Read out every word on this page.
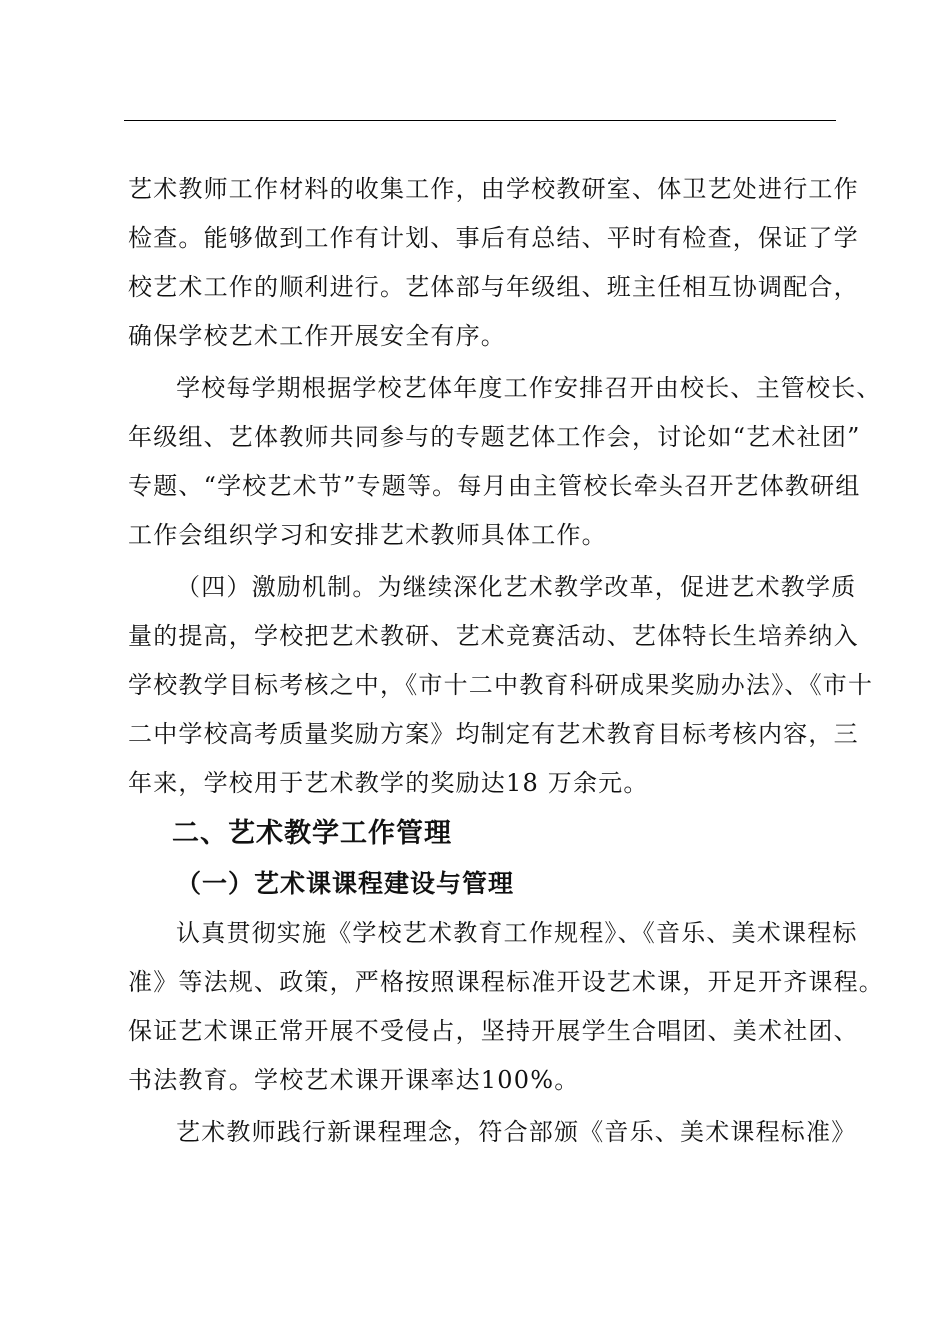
艺术教师工作材料的收集工作，由学校教研室、体卫艺处进行工作
检查。能够做到工作有计划、事后有总结、平时有检查，保证了学
校艺术工作的顺利进行。艺体部与年级组、班主任相互协调配合，
确保学校艺术工作开展安全有序。

学校每学期根据学校艺体年度工作安排召开由校长、主管校长、
年级组、艺体教师共同参与的专题艺体工作会，讨论如“艺术社团”
专题、“学校艺术节”专题等。每月由主管校长牵头召开艺体教研组
工作会组织学习和安排艺术教师具体工作。

（四）激励机制。为继续深化艺术教学改革，促进艺术教学质
量的提高，学校把艺术教研、艺术竞赛活动、艺体特长生培养纳入
学校教学目标考核之中，《市十二中教育科研成果奖励办法》、《市十
二中学校高考质量奖励方案》均制定有艺术教育目标考核内容，三
年来，学校用于艺术教学的奖励达18 万余元。

二、艺术教学工作管理
（一）艺术课课程建设与管理

认真贯彻实施《学校艺术教育工作规程》、《音乐、美术课程标
准》等法规、政策，严格按照课程标准开设艺术课，开足开齐课程。
保证艺术课正常开展不受侵占，坚持开展学生合唱团、美术社团、
书法教育。学校艺术课开课率达100%。

艺术教师践行新课程理念，符合部颁《音乐、美术课程标准》
